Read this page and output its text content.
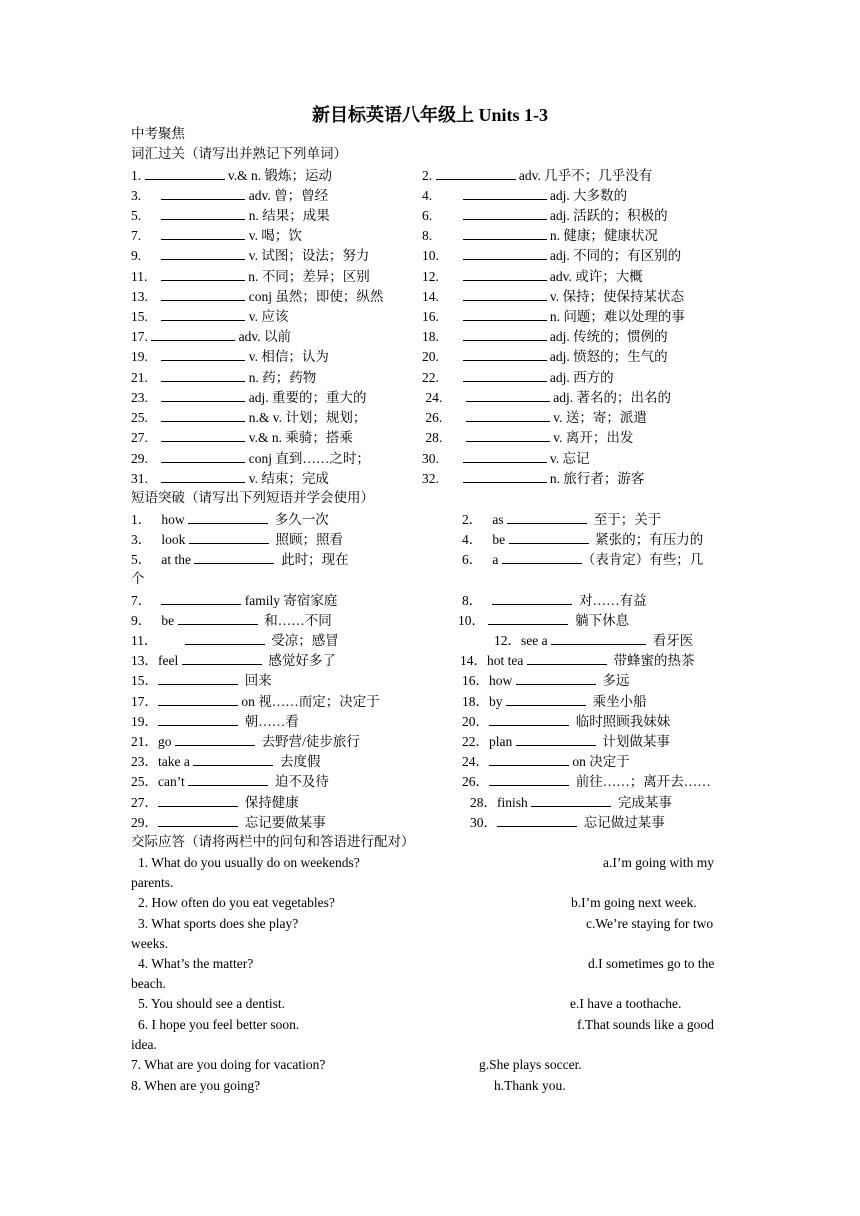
新目标英语八年级上 Units 1-3
中考聚焦
词汇过关（请写出并熟记下列单词）
1.	v.& n. 锻炼；运动	2.	adv. 几乎不；几乎没有
3.	adv. 曾；曾经	4.	adj. 大多数的
5.	n. 结果；成果	6.	adj. 活跃的；积极的
7.	v. 喝；饮	8.	n. 健康；健康状况
9.	v. 试图；设法；努力	10.	adj. 不同的；有区别的
11.	n. 不同；差异；区别	12.	adv. 或许；大概
13.	conj 虽然；即使；纵然	14.	v. 保持；使保持某状态
15.	v. 应该	16.	n. 问题；难以处理的事
17.	adv. 以前	18.	adj. 传统的；惯例的
19.	v. 相信；认为	20.	adj. 愤怒的；生气的
21.	n. 药；药物	22.	adj. 西方的
23.	adj. 重要的；重大的	24.	adj. 著名的；出名的
25.	n.& v. 计划；规划；	26.	v. 送；寄；派遣
27.	v.& n. 乘骑；搭乘	28.	v. 离开；出发
29.	conj 直到……之时；	30.	v. 忘记
31.	v. 结束；完成	32.	n. 旅行者；游客
短语突破（请写出下列短语并学会使用）
1． how	多久一次	2． as	至于；关于
3． look	照顾；照看	4． be	紧张的；有压力的
5． at the	此时；现在	6． a	（表肯定）有些；几
个
7．	family 寄宿家庭	8．	对……有益
9． be	和……不同	10．	躺下休息
11．	受凉；感冒	12．see a	看牙医
13．feel	感觉好多了	14．hot tea	带蜂蜜的热茶
15．	回来	16．how	多远
17．	on 视……而定；决定于	18．by	乘坐小船
19．	朝……看	20．	临时照顾我妹妹
21．go	去野营/徒步旅行	22．plan	计划做某事
23．take a	去度假	24．	on 决定于
25．can’t	迫不及待	26．	前往……；离开去……
27．	保持健康	28．finish	完成某事
29．	忘记要做某事	30．	忘记做过某事
交际应答（请将两栏中的问句和答语进行配对）
1. What do you usually do on weekends?	a.I’m going with my
parents.
2. How often do you eat vegetables?	b.I’m going next week.
3. What sports does she play?	c.We’re staying for two
weeks.
4. What’s the matter?	d.I sometimes go to the
beach.
5. You should see a dentist.	e.I have a toothache.
6. I hope you feel better soon.	f.That sounds like a good
idea.
7. What are you doing for vacation?	g.She plays soccer.
8. When are you going?	h.Thank you.
